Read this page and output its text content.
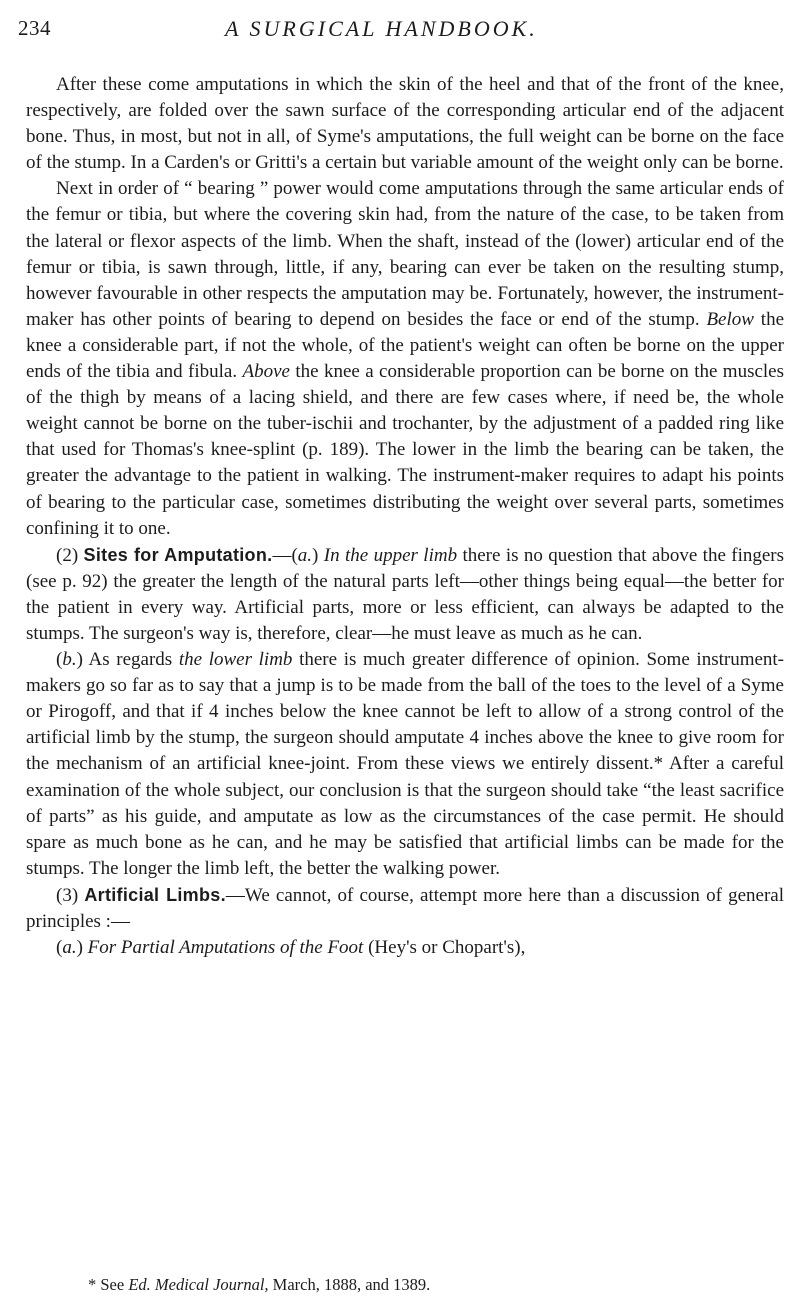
234	A SURGICAL HANDBOOK.

After these come amputations in which the skin of the heel and that of the front of the knee, respectively, are folded over the sawn surface of the corresponding articular end of the adjacent bone. Thus, in most, but not in all, of Syme's amputations, the full weight can be borne on the face of the stump. In a Carden's or Gritti's a certain but variable amount of the weight only can be borne.

Next in order of “ bearing ” power would come amputations through the same articular ends of the femur or tibia, but where the covering skin had, from the nature of the case, to be taken from the lateral or flexor aspects of the limb. When the shaft, instead of the (lower) articular end of the femur or tibia, is sawn through, little, if any, bearing can ever be taken on the resulting stump, however favourable in other respects the amputation may be. Fortunately, however, the instrument-maker has other points of bearing to depend on besides the face or end of the stump. Below the knee a considerable part, if not the whole, of the patient's weight can often be borne on the upper ends of the tibia and fibula. Above the knee a considerable proportion can be borne on the muscles of the thigh by means of a lacing shield, and there are few cases where, if need be, the whole weight cannot be borne on the tuber-ischii and trochanter, by the adjustment of a padded ring like that used for Thomas's knee-splint (p. 189). The lower in the limb the bearing can be taken, the greater the advantage to the patient in walking. The instrument-maker requires to adapt his points of bearing to the particular case, sometimes distributing the weight over several parts, sometimes confining it to one.

(2) Sites for Amputation.—(a.) In the upper limb there is no question that above the fingers (see p. 92) the greater the length of the natural parts left—other things being equal—the better for the patient in every way. Artificial parts, more or less efficient, can always be adapted to the stumps. The surgeon's way is, therefore, clear—he must leave as much as he can.

(b.) As regards the lower limb there is much greater difference of opinion. Some instrument-makers go so far as to say that a jump is to be made from the ball of the toes to the level of a Syme or Pirogoff, and that if 4 inches below the knee cannot be left to allow of a strong control of the artificial limb by the stump, the surgeon should amputate 4 inches above the knee to give room for the mechanism of an artificial knee-joint. From these views we entirely dissent.* After a careful examination of the whole subject, our conclusion is that the surgeon should take “the least sacrifice of parts” as his guide, and amputate as low as the circumstances of the case permit. He should spare as much bone as he can, and he may be satisfied that artificial limbs can be made for the stumps. The longer the limb left, the better the walking power.

(3) Artificial Limbs.—We cannot, of course, attempt more here than a discussion of general principles :—

(a.) For Partial Amputations of the Foot (Hey's or Chopart's),

* See Ed. Medical Journal, March, 1888, and 1389.
